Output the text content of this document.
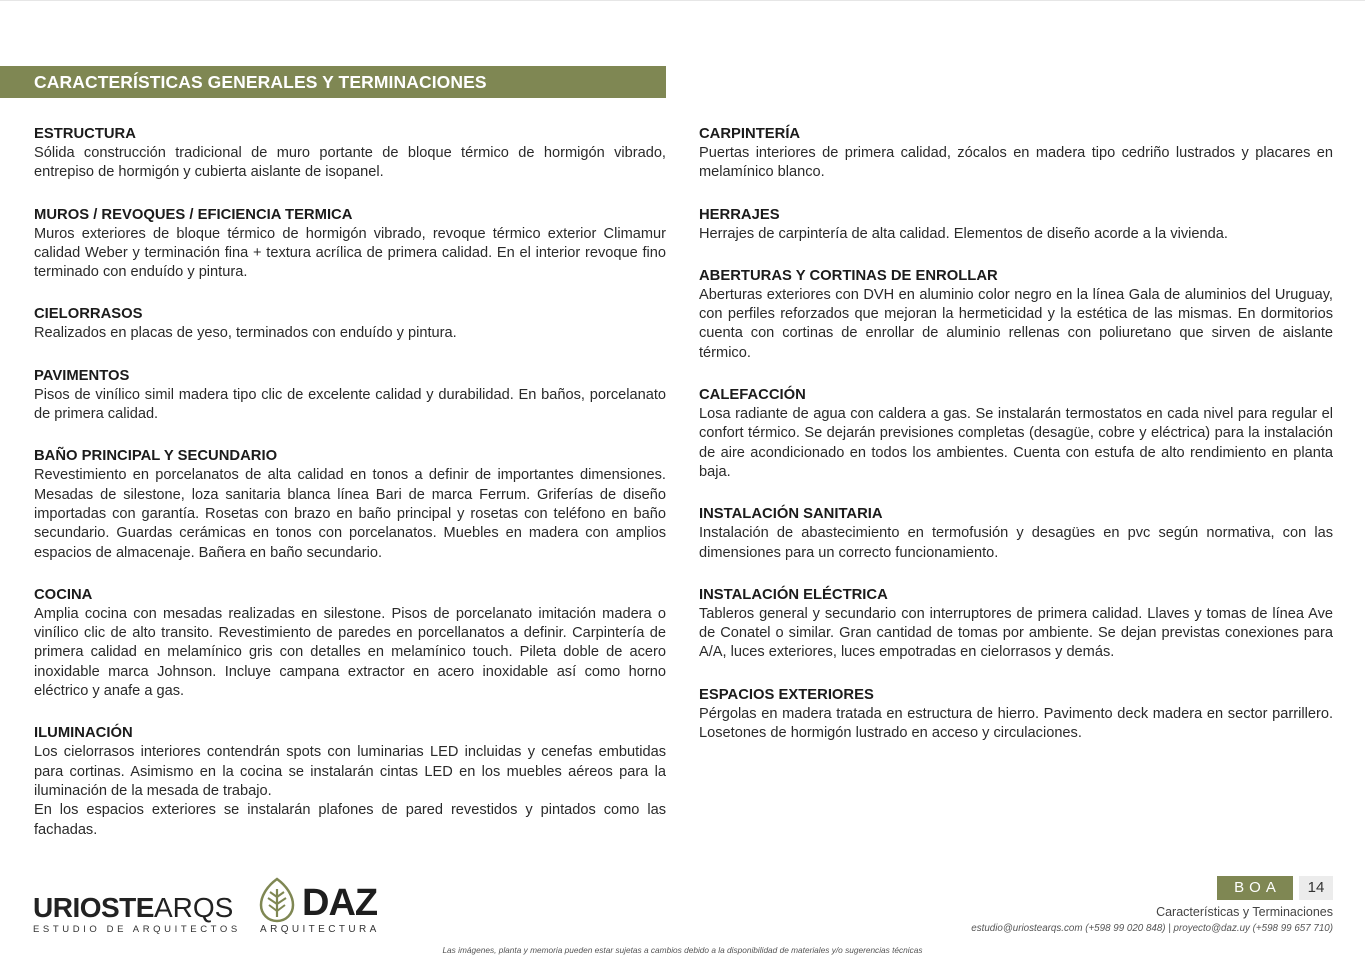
CARACTERÍSTICAS GENERALES Y TERMINACIONES
ESTRUCTURA

Sólida construcción tradicional de muro portante de bloque térmico de hormigón vibrado, entrepiso de hormigón y cubierta aislante de isopanel.

MUROS / REVOQUES / EFICIENCIA TERMICA

Muros exteriores de bloque térmico de hormigón vibrado, revoque térmico exterior Climamur calidad Weber y terminación fina + textura acrílica de primera calidad. En el interior revoque fino terminado con enduído y pintura.

CIELORRASOS

Realizados en placas de yeso, terminados con enduído y pintura.

PAVIMENTOS

Pisos de vinílico simil madera tipo clic de excelente calidad y durabilidad. En baños, porcelanato de primera calidad.

BAÑO PRINCIPAL Y SECUNDARIO

Revestimiento en porcelanatos de alta calidad en tonos a definir de importantes dimensiones. Mesadas de silestone, loza sanitaria blanca línea Bari de marca Ferrum. Griferías de diseño importadas con garantía. Rosetas con brazo en baño principal y rosetas con teléfono en baño secundario. Guardas cerámicas en tonos con porcelanatos. Muebles en madera con amplios espacios de almacenaje. Bañera en baño secundario.

COCINA

Amplia cocina con mesadas realizadas en silestone. Pisos de porcelanato imitación madera o vinílico clic de alto transito. Revestimiento de paredes en porcellanatos a definir. Carpintería de primera calidad en melamínico gris con detalles en melamínico touch. Pileta doble de acero inoxidable marca Johnson. Incluye campana extractor en acero inoxidable así como horno eléctrico y anafe a gas.

ILUMINACIÓN

Los cielorrasos interiores contendrán spots con luminarias LED incluidas y cenefas embutidas para cortinas. Asimismo en la cocina se instalarán cintas LED en los muebles aéreos para la iluminación de la mesada de trabajo.

En los espacios exteriores se instalarán plafones de pared revestidos y pintados como las fachadas.

CARPINTERÍA

Puertas interiores de primera calidad, zócalos en madera tipo cedriño lustrados y placares en melamínico blanco.

HERRAJES

Herrajes de carpintería de alta calidad. Elementos de diseño acorde a la vivienda.

ABERTURAS Y CORTINAS DE ENROLLAR

Aberturas exteriores con DVH en aluminio color negro en la línea Gala de aluminios del Uruguay, con perfiles reforzados que mejoran la hermeticidad y la estética de las mismas. En dormitorios cuenta con cortinas de enrollar de aluminio rellenas con poliuretano que sirven de aislante térmico.

CALEFACCIÓN

Losa radiante de agua con caldera a gas. Se instalarán termostatos en cada nivel para regular el confort térmico. Se dejarán previsiones completas (desagüe, cobre y eléctrica) para la instalación de aire acondicionado en todos los ambientes. Cuenta con estufa de alto rendimiento en planta baja.

INSTALACIÓN SANITARIA

Instalación de abastecimiento en termofusión y desagües en pvc según normativa, con las dimensiones para un correcto funcionamiento.

INSTALACIÓN ELÉCTRICA

Tableros general y secundario con interruptores de primera calidad. Llaves y tomas de línea Ave de Conatel o similar. Gran cantidad de tomas por ambiente. Se dejan previstas conexiones para A/A, luces exteriores, luces empotradas en cielorrasos y demás.

ESPACIOS EXTERIORES

Pérgolas en madera tratada en estructura de hierro. Pavimento deck madera en sector parrillero. Losetones de hormigón lustrado en acceso y circulaciones.

URIOSTEARQS
ESTUDIO DE ARQUITECTOS
DAZ
ARQUITECTURA
BOA	14
Características y Terminaciones
estudio@uriostearqs.com (+598 99 020 848) | proyecto@daz.uy (+598 99 657 710)
Las imágenes, planta y memoria pueden estar sujetas a cambios debido a la disponibilidad de materiales y/o sugerencias técnicas
